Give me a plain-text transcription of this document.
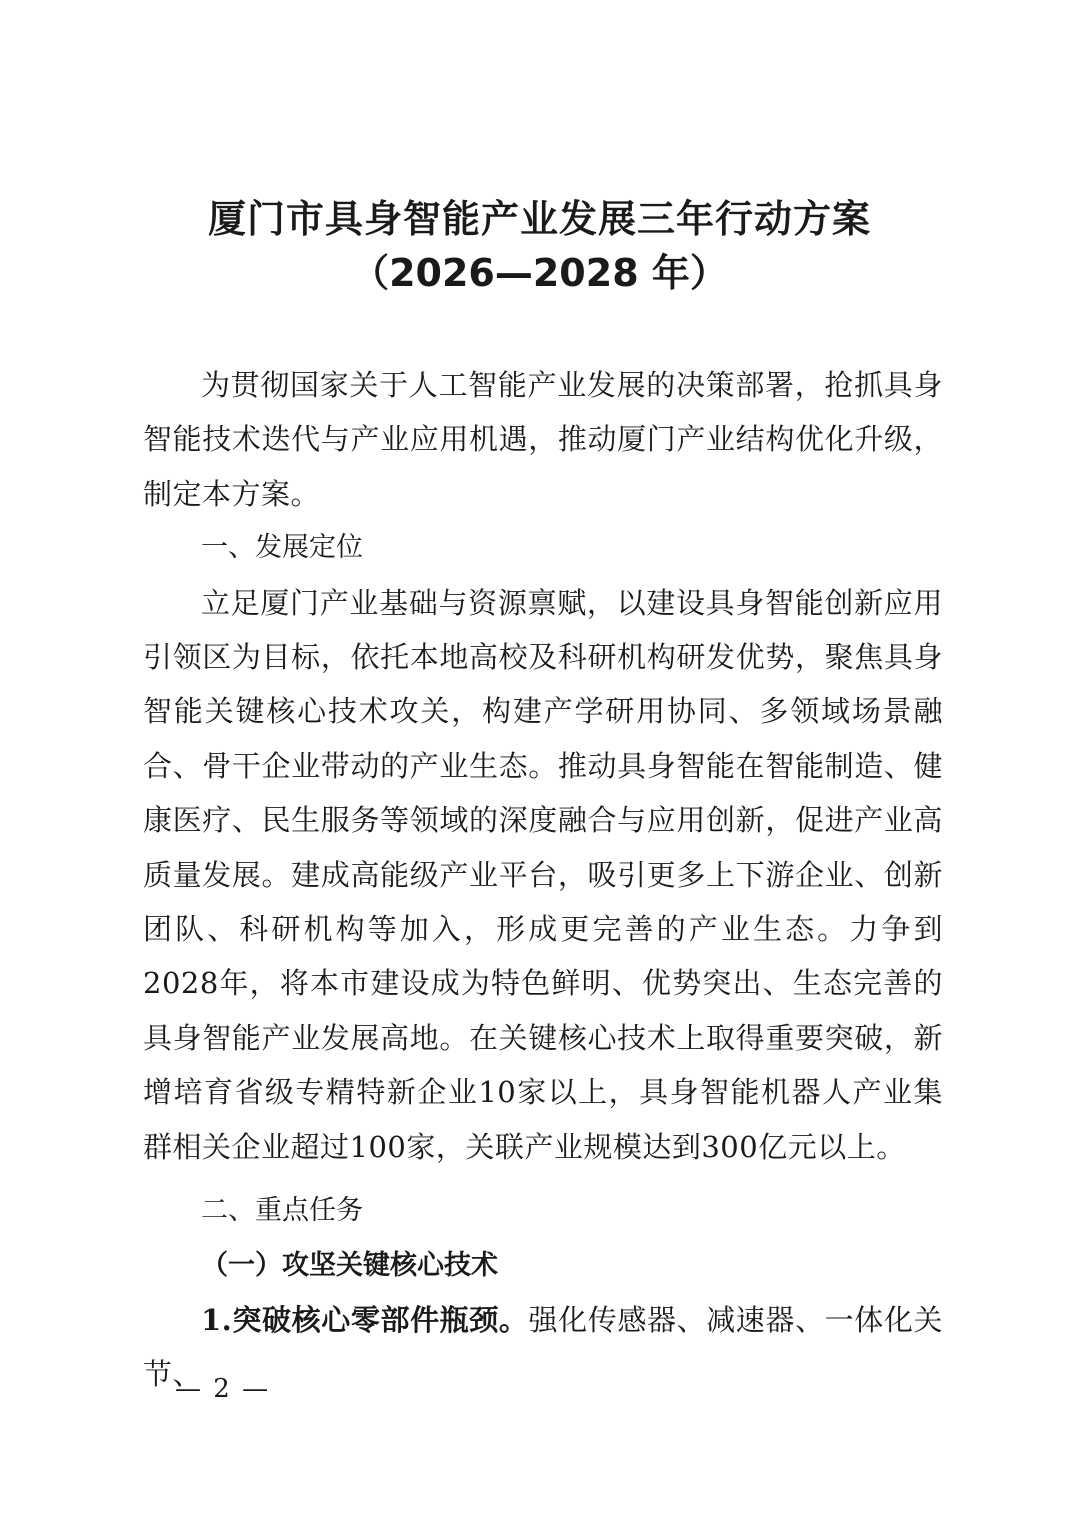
厦门市具身智能产业发展三年行动方案
（2026—2028 年）

为贯彻国家关于人工智能产业发展的决策部署，抢抓具身智能技术迭代与产业应用机遇，推动厦门产业结构优化升级，制定本方案。

一、发展定位

立足厦门产业基础与资源禀赋，以建设具身智能创新应用引领区为目标，依托本地高校及科研机构研发优势，聚焦具身智能关键核心技术攻关，构建产学研用协同、多领域场景融合、骨干企业带动的产业生态。推动具身智能在智能制造、健康医疗、民生服务等领域的深度融合与应用创新，促进产业高质量发展。建成高能级产业平台，吸引更多上下游企业、创新团队、科研机构等加入，形成更完善的产业生态。力争到2028年，将本市建设成为特色鲜明、优势突出、生态完善的具身智能产业发展高地。在关键核心技术上取得重要突破，新增培育省级专精特新企业10家以上，具身智能机器人产业集群相关企业超过100家，关联产业规模达到300亿元以上。

二、重点任务

（一）攻坚关键核心技术

1.突破核心零部件瓶颈。强化传感器、减速器、一体化关节、

— 2 —
